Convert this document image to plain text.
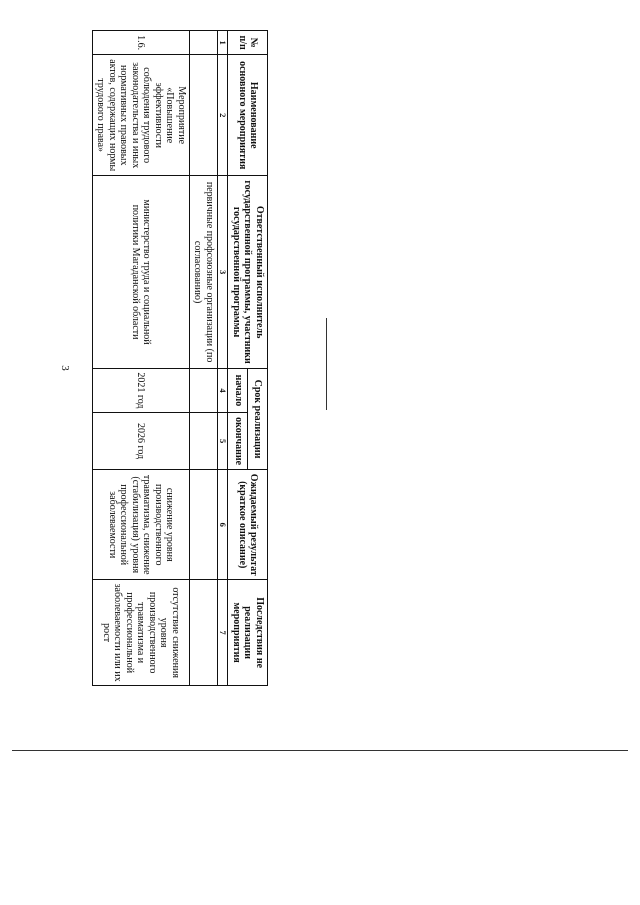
3
№ п/п	Наименование основного мероприятия	Ответственный исполнитель государственной программы, участники государственной программы	Срок реализации		Ожидаемый результат (краткое описание)	Последствия не реализации мероприятия
			начало	окончание		
1	2	3	4	5	6	7
		первичные профсоюзные организации (по согласованию)				
1.6.	Мероприятие «Повышение эффективности соблюдения трудового законодательства и иных нормативных правовых актов, содержащих нормы трудового права»	министерство труда и социальной политики Магаданской области	2021 год	2026 год	снижение уровня производственного травматизма, снижение (стабилизация) уровня профессиональной заболеваемости	отсутствие снижения уровня производственного травматизма и профессиональной заболеваемости или их рост
